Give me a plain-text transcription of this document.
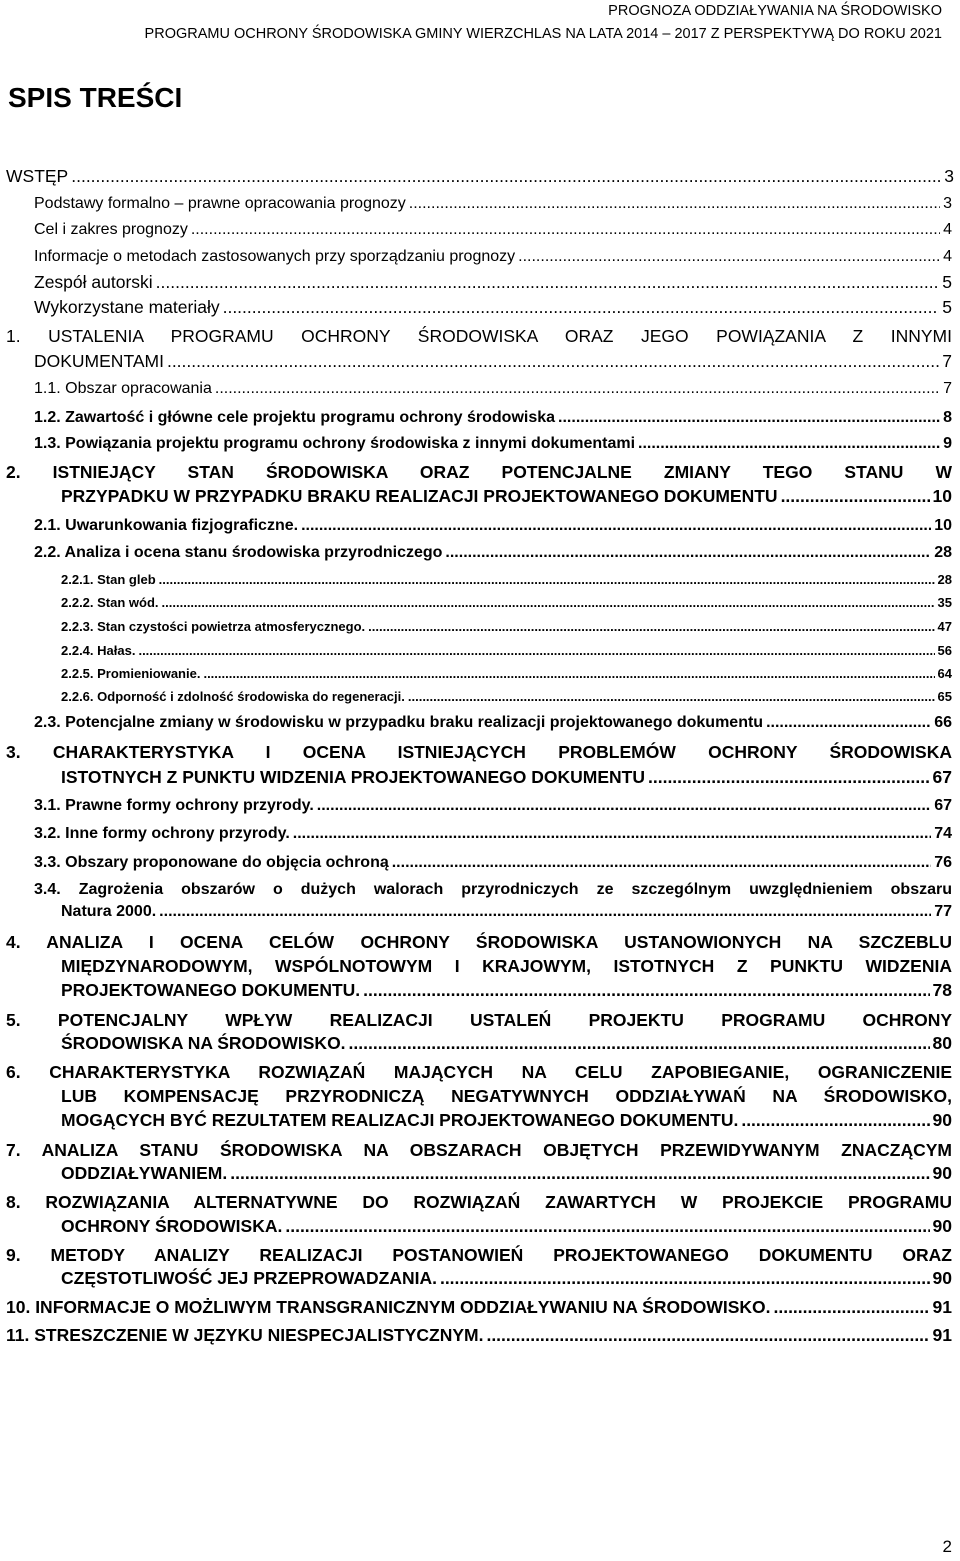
PROGNOZA ODDZIAŁYWANIA NA ŚRODOWISKO
PROGRAMU OCHRONY ŚRODOWISKA GMINY WIERZCHLAS NA LATA 2014 – 2017 Z PERSPEKTYWĄ DO ROKU 2021
SPIS TREŚCI
WSTĘP .....	3
Podstawy formalno – prawne opracowania prognozy .....	3
Cel i zakres prognozy .....	4
Informacje o metodach zastosowanych przy sporządzaniu prognozy .....	4
Zespół autorski .....	5
Wykorzystane materiały .....	5
1. USTALENIA PROGRAMU OCHRONY ŚRODOWISKA ORAZ JEGO POWIĄZANIA Z INNYMI
DOKUMENTAMI .....	7
1.1. Obszar opracowania .....	7
1.2. Zawartość i główne cele projektu programu ochrony środowiska .....	8
1.3. Powiązania projektu programu ochrony środowiska z innymi dokumentami .....	9
2. ISTNIEJĄCY STAN ŚRODOWISKA ORAZ POTENCJALNE ZMIANY TEGO STANU W
PRZYPADKU W PRZYPADKU BRAKU REALIZACJI PROJEKTOWANEGO DOKUMENTU .....	10
2.1. Uwarunkowania fizjograficzne. .....	10
2.2. Analiza i ocena stanu środowiska przyrodniczego .....	28
2.2.1. Stan gleb .....	28
2.2.2. Stan wód. .....	35
2.2.3. Stan czystości powietrza atmosferycznego. .....	47
2.2.4. Hałas. .....	56
2.2.5. Promieniowanie. .....	64
2.2.6. Odporność i zdolność środowiska do regeneracji. .....	65
2.3. Potencjalne zmiany w środowisku w przypadku braku realizacji projektowanego dokumentu .....	66
3. CHARAKTERYSTYKA I OCENA ISTNIEJĄCYCH PROBLEMÓW OCHRONY ŚRODOWISKA
ISTOTNYCH Z PUNKTU WIDZENIA PROJEKTOWANEGO DOKUMENTU .....	67
3.1. Prawne formy ochrony przyrody. .....	67
3.2. Inne formy ochrony przyrody. .....	74
3.3. Obszary proponowane do objęcia ochroną .....	76
3.4. Zagrożenia obszarów o dużych walorach przyrodniczych ze szczególnym uwzględnieniem obszaru
Natura 2000. .....	77
4. ANALIZA I OCENA CELÓW OCHRONY ŚRODOWISKA USTANOWIONYCH NA SZCZEBLU
MIĘDZYNARODOWYM, WSPÓLNOTOWYM I KRAJOWYM, ISTOTNYCH Z PUNKTU WIDZENIA
PROJEKTOWANEGO DOKUMENTU. .....	78
5. POTENCJALNY WPŁYW REALIZACJI USTALEŃ PROJEKTU PROGRAMU OCHRONY
ŚRODOWISKA NA ŚRODOWISKO. .....	80
6. CHARAKTERYSTYKA ROZWIĄZAŃ MAJĄCYCH NA CELU ZAPOBIEGANIE, OGRANICZENIE
LUB KOMPENSACJĘ PRZYRODNICZĄ NEGATYWNYCH ODDZIAŁYWAŃ NA ŚRODOWISKO,
MOGĄCYCH BYĆ REZULTATEM REALIZACJI PROJEKTOWANEGO DOKUMENTU. .....	90
7. ANALIZA STANU ŚRODOWISKA NA OBSZARACH OBJĘTYCH PRZEWIDYWANYM ZNACZĄCYM
ODDZIAŁYWANIEM. .....	90
8. ROZWIĄZANIA ALTERNATYWNE DO ROZWIĄZAŃ ZAWARTYCH W PROJEKCIE PROGRAMU
OCHRONY ŚRODOWISKA. .....	90
9. METODY ANALIZY REALIZACJI POSTANOWIEŃ PROJEKTOWANEGO DOKUMENTU ORAZ
CZĘSTOTLIWOŚĆ JEJ PRZEPROWADZANIA. .....	90
10. INFORMACJE O MOŻLIWYM TRANSGRANICZNYM ODDZIAŁYWANIU NA ŚRODOWISKO. .....	91
11. STRESZCZENIE W JĘZYKU NIESPECJALISTYCZNYM. .....	91
2
